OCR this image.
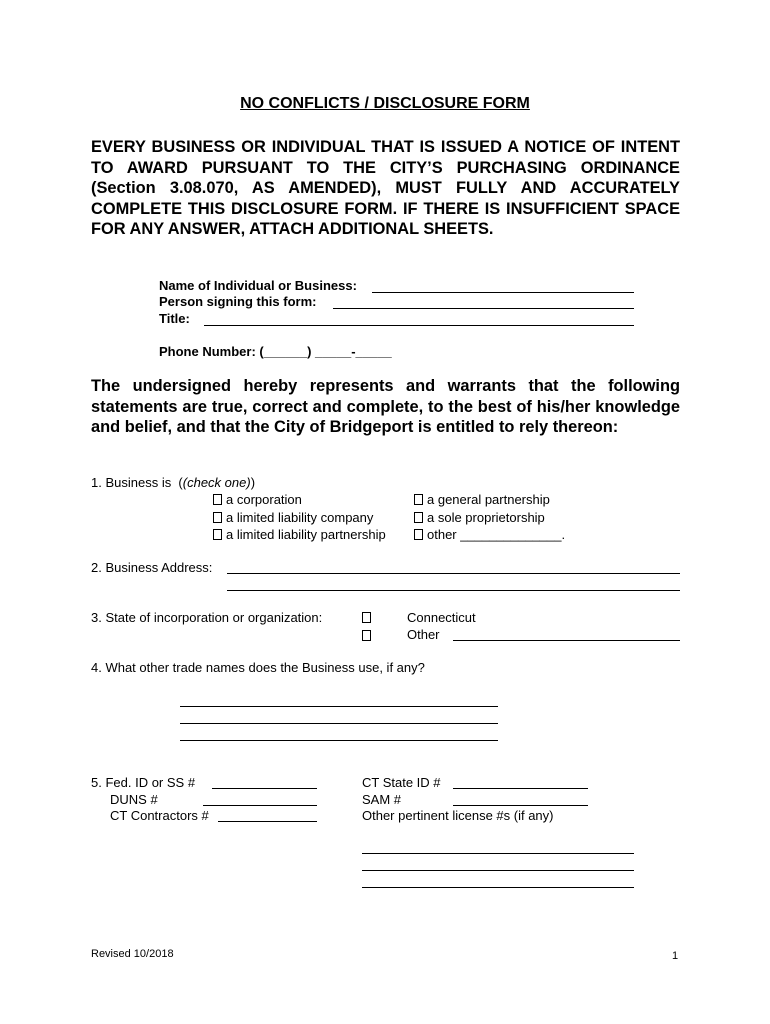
NO CONFLICTS / DISCLOSURE FORM
EVERY BUSINESS OR INDIVIDUAL THAT IS ISSUED A NOTICE OF INTENT TO AWARD PURSUANT TO THE CITY’S PURCHASING ORDINANCE (Section 3.08.070, AS AMENDED), MUST FULLY AND ACCURATELY COMPLETE THIS DISCLOSURE FORM. IF THERE IS INSUFFICIENT SPACE FOR ANY ANSWER, ATTACH ADDITIONAL SHEETS.
Name of Individual or Business:
Person signing this form:
Title:
Phone Number: (______) _____-_____
The undersigned hereby represents and warrants that the following statements are true, correct and complete, to the best of his/her knowledge and belief, and that the City of Bridgeport is entitled to rely thereon:
1. Business is  ((check one))
a corporation
a limited liability company
a limited liability partnership
a general partnership
a sole proprietorship
other ______________.
2. Business Address:
3. State of incorporation or organization:	Connecticut
Other
4. What other trade names does the Business use, if any?
5. Fed. ID or SS #
DUNS #
CT Contractors #
CT State ID #
SAM #
Other pertinent license #s (if any)
Revised 10/2018	1
